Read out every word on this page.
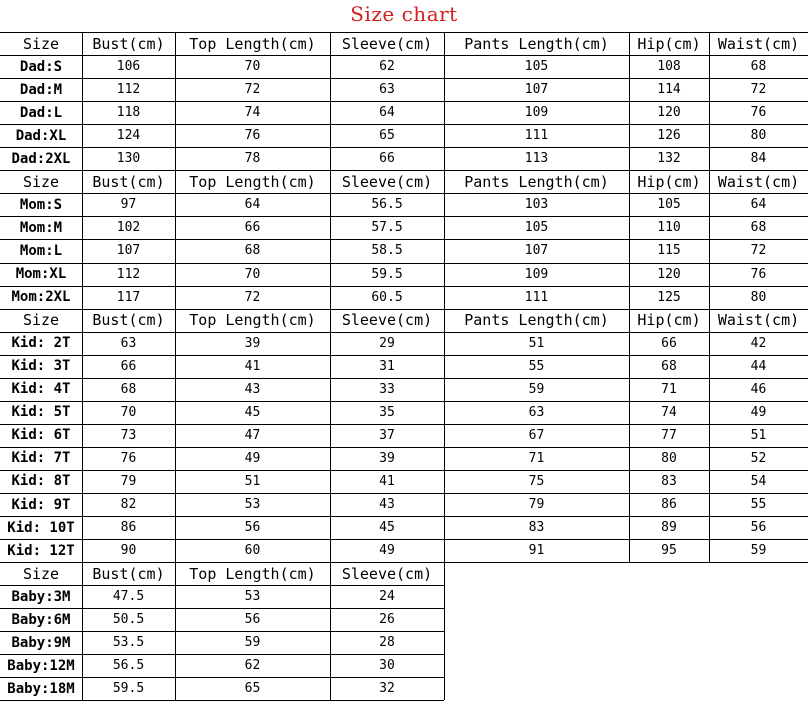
Size chart
Size	Bust(cm)	Top Length(cm)	Sleeve(cm)	Pants Length(cm)	Hip(cm)	Waist(cm)
Dad:S	106	70	62	105	108	68
Dad:M	112	72	63	107	114	72
Dad:L	118	74	64	109	120	76
Dad:XL	124	76	65	111	126	80
Dad:2XL	130	78	66	113	132	84
Size	Bust(cm)	Top Length(cm)	Sleeve(cm)	Pants Length(cm)	Hip(cm)	Waist(cm)
Mom:S	97	64	56.5	103	105	64
Mom:M	102	66	57.5	105	110	68
Mom:L	107	68	58.5	107	115	72
Mom:XL	112	70	59.5	109	120	76
Mom:2XL	117	72	60.5	111	125	80
Size	Bust(cm)	Top Length(cm)	Sleeve(cm)	Pants Length(cm)	Hip(cm)	Waist(cm)
Kid: 2T	63	39	29	51	66	42
Kid: 3T	66	41	31	55	68	44
Kid: 4T	68	43	33	59	71	46
Kid: 5T	70	45	35	63	74	49
Kid: 6T	73	47	37	67	77	51
Kid: 7T	76	49	39	71	80	52
Kid: 8T	79	51	41	75	83	54
Kid: 9T	82	53	43	79	86	55
Kid: 10T	86	56	45	83	89	56
Kid: 12T	90	60	49	91	95	59
Size	Bust(cm)	Top Length(cm)	Sleeve(cm)
Baby:3M	47.5	53	24
Baby:6M	50.5	56	26
Baby:9M	53.5	59	28
Baby:12M	56.5	62	30
Baby:18M	59.5	65	32
